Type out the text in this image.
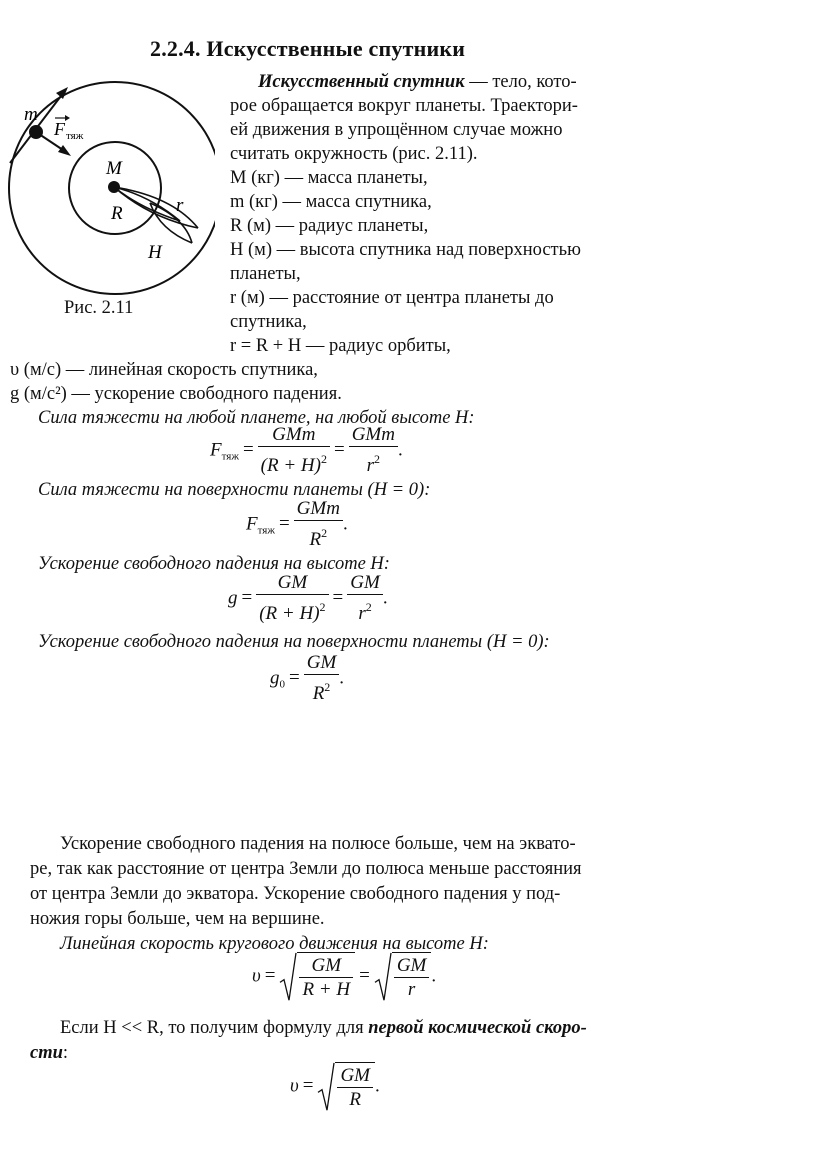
2.2.4. Искусственные спутники
m
F тяж
M
R	r
H
Рис. 2.11
Искусственный спутник — тело, кото-
рое обращается вокруг планеты. Траектори-
ей движения в упрощённом случае можно
считать окружность (рис. 2.11).
M (кг) — масса планеты,
m (кг) — масса спутника,
R (м) — радиус планеты,
H (м) — высота спутника над поверхностью
планеты,
r (м) — расстояние от центра планеты до
спутника,
r = R + H — радиус орбиты,
υ (м/с) — линейная скорость спутника,
g (м/с²) — ускорение свободного падения.
Сила тяжести на любой планете, на любой высоте H:
$F_{тяж} = \frac{\text{GMm}}{(R + H)^2} = \frac{\text{GMm}}{r^2}$ .
Сила тяжести на поверхности планеты (H = 0):
$F_{тяж} = \frac{\text{GMm}}{R^2}$ .
Ускорение свободного падения на высоте H:
$g = \frac{GM}{(R + H)^2} = \frac{GM}{r^2}$ .
Ускорение свободного падения на поверхности планеты (H = 0):
$g_0 = \frac{GM}{R^2}$ .
Ускорение свободного падения на полюсе больше, чем на эквато-
ре, так как расстояние от центра Земли до полюса меньше расстояния
от центра Земли до экватора. Ускорение свободного падения у под-
ножия горы больше, чем на вершине.
Линейная скорость кругового движения на высоте H:
$\upsilon = \frac{GM}{R + H} = \frac{GM}{r}$ .
Если H << R, то получим формулу для первой космической скоро-
сти:
$\upsilon = \frac{GM}{R}$ .
